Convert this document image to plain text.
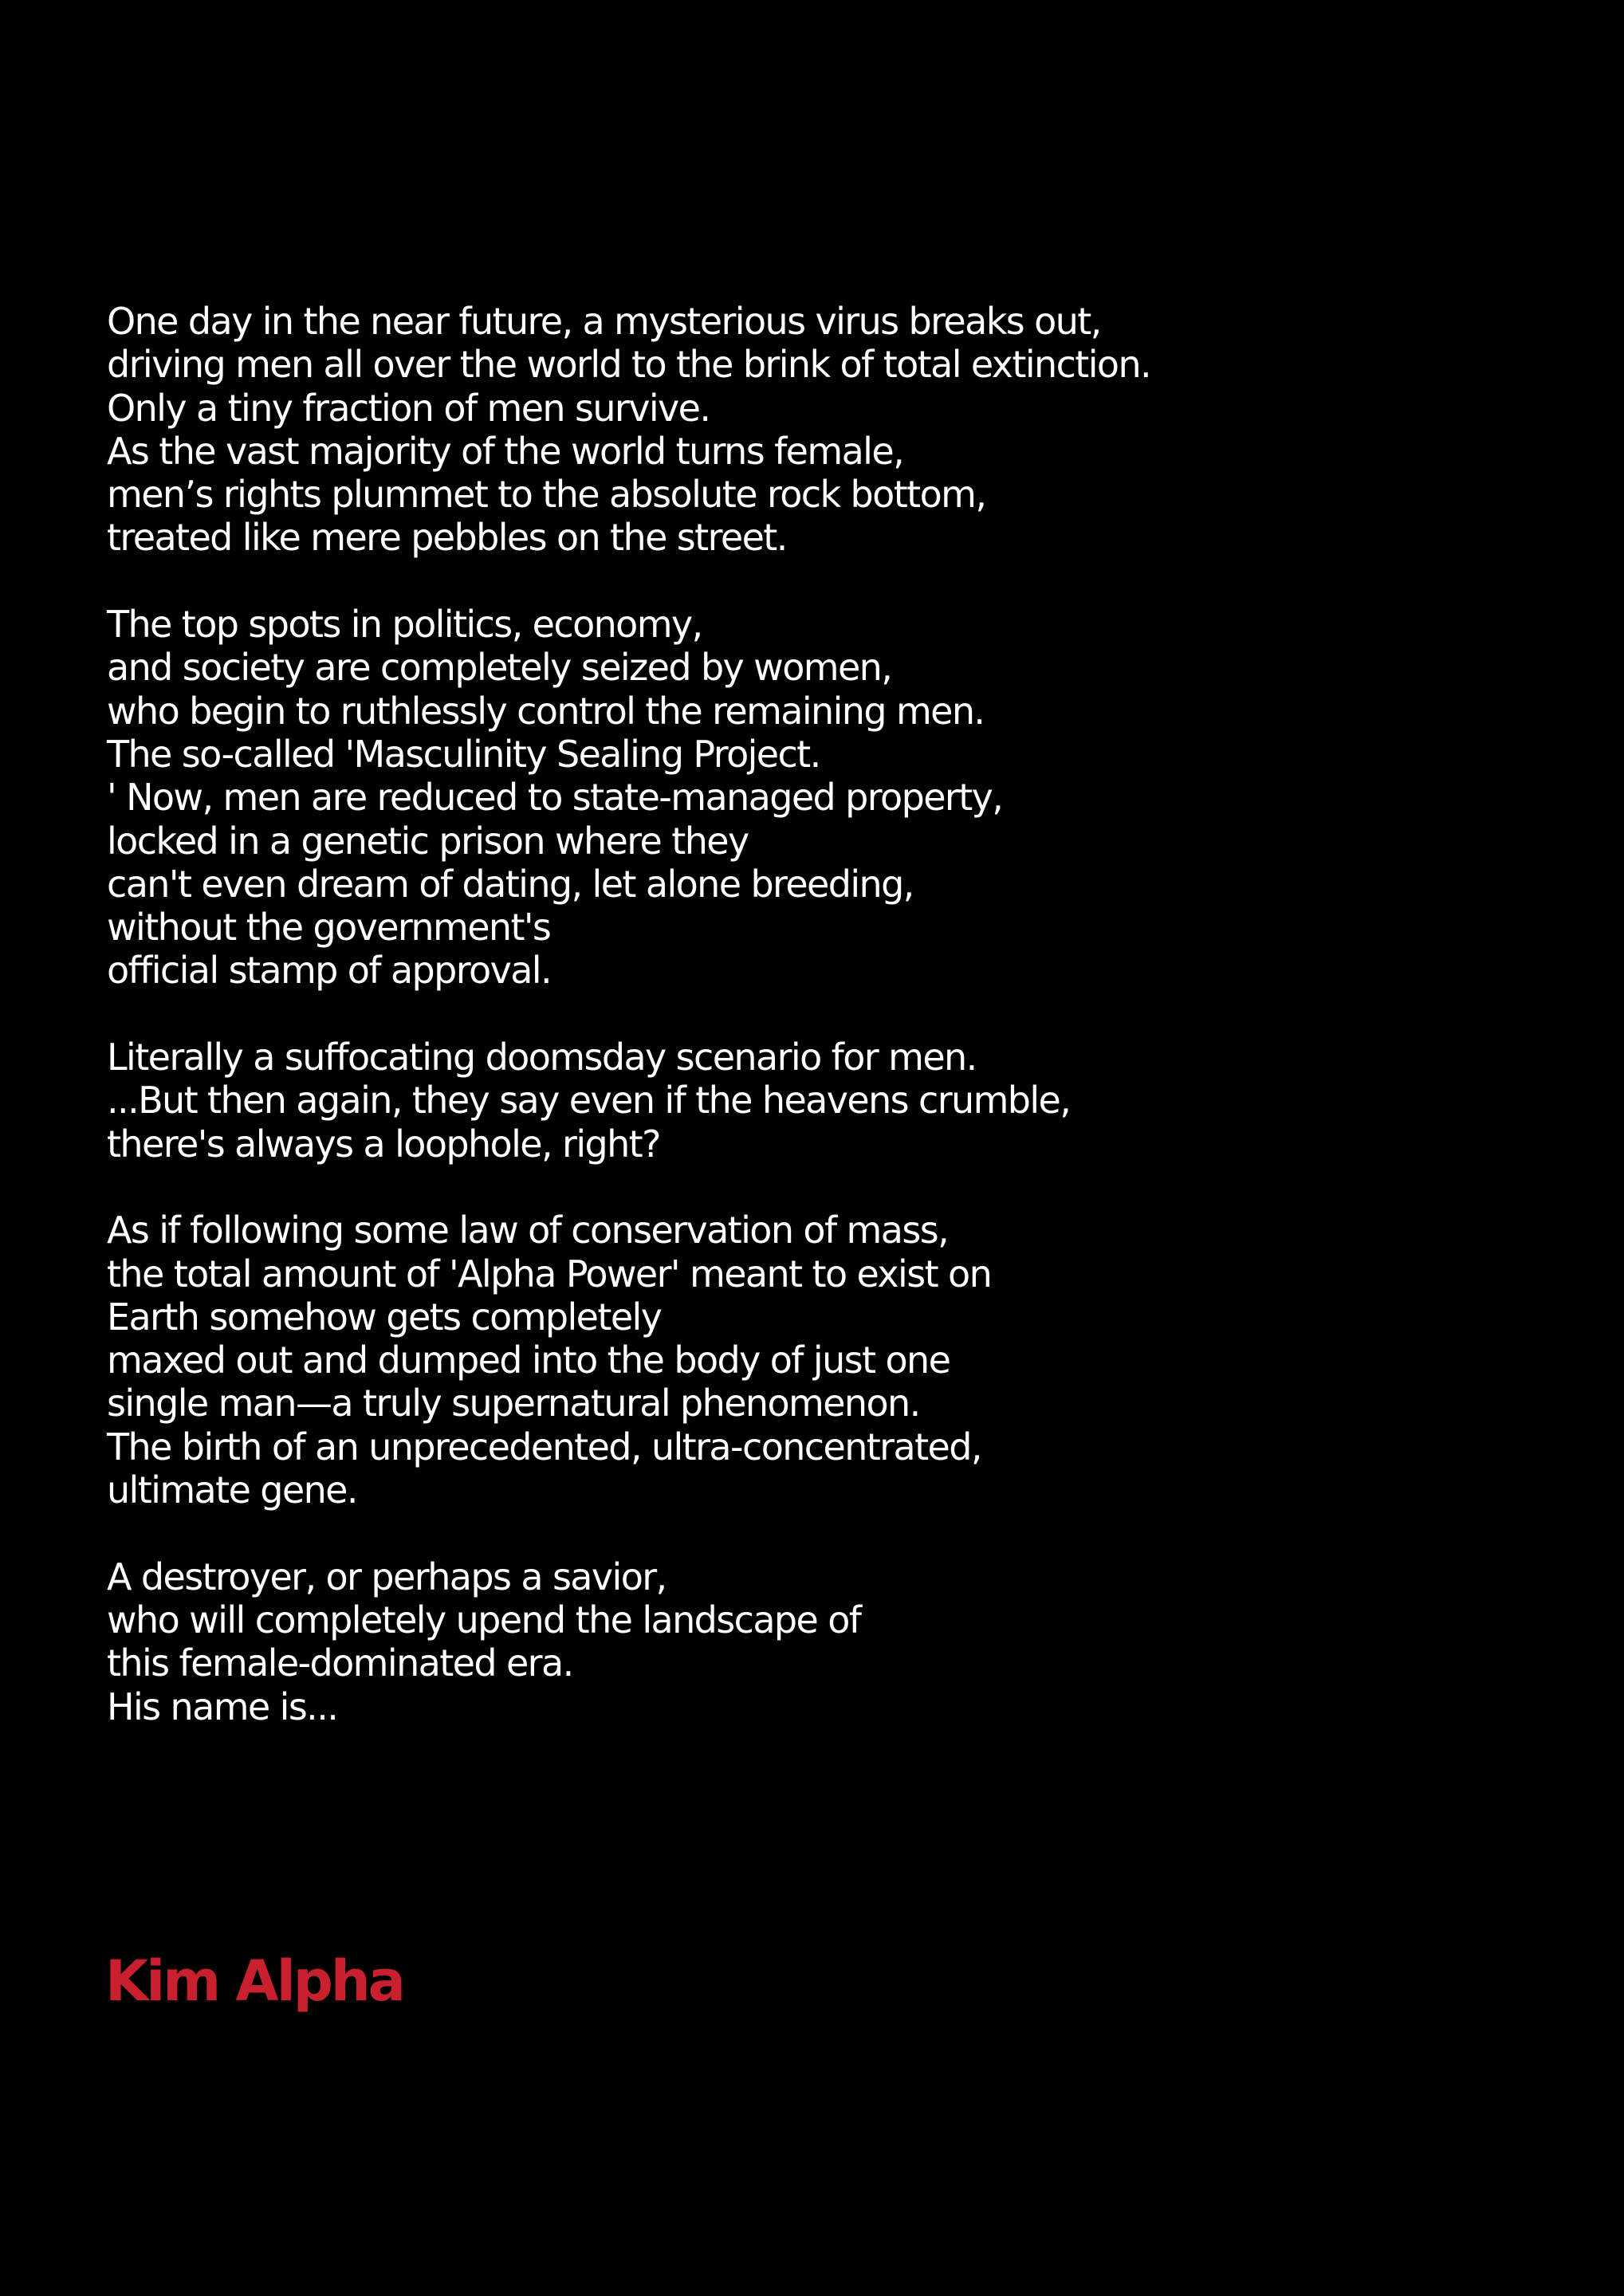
One day in the near future, a mysterious virus breaks out,
driving men all over the world to the brink of total extinction.
Only a tiny fraction of men survive.
As the vast majority of the world turns female,
men’s rights plummet to the absolute rock bottom,
treated like mere pebbles on the street.
The top spots in politics, economy,
and society are completely seized by women,
who begin to ruthlessly control the remaining men.
The so-called 'Masculinity Sealing Project.
' Now, men are reduced to state-managed property,
locked in a genetic prison where they
can't even dream of dating, let alone breeding,
without the government's
official stamp of approval.
Literally a suffocating doomsday scenario for men.
...But then again, they say even if the heavens crumble,
there's always a loophole, right?
As if following some law of conservation of mass,
the total amount of 'Alpha Power' meant to exist on
Earth somehow gets completely
maxed out and dumped into the body of just one
single man—a truly supernatural phenomenon.
The birth of an unprecedented, ultra-concentrated,
ultimate gene.
A destroyer, or perhaps a savior,
who will completely upend the landscape of
this female-dominated era.
His name is...
Kim Alpha
